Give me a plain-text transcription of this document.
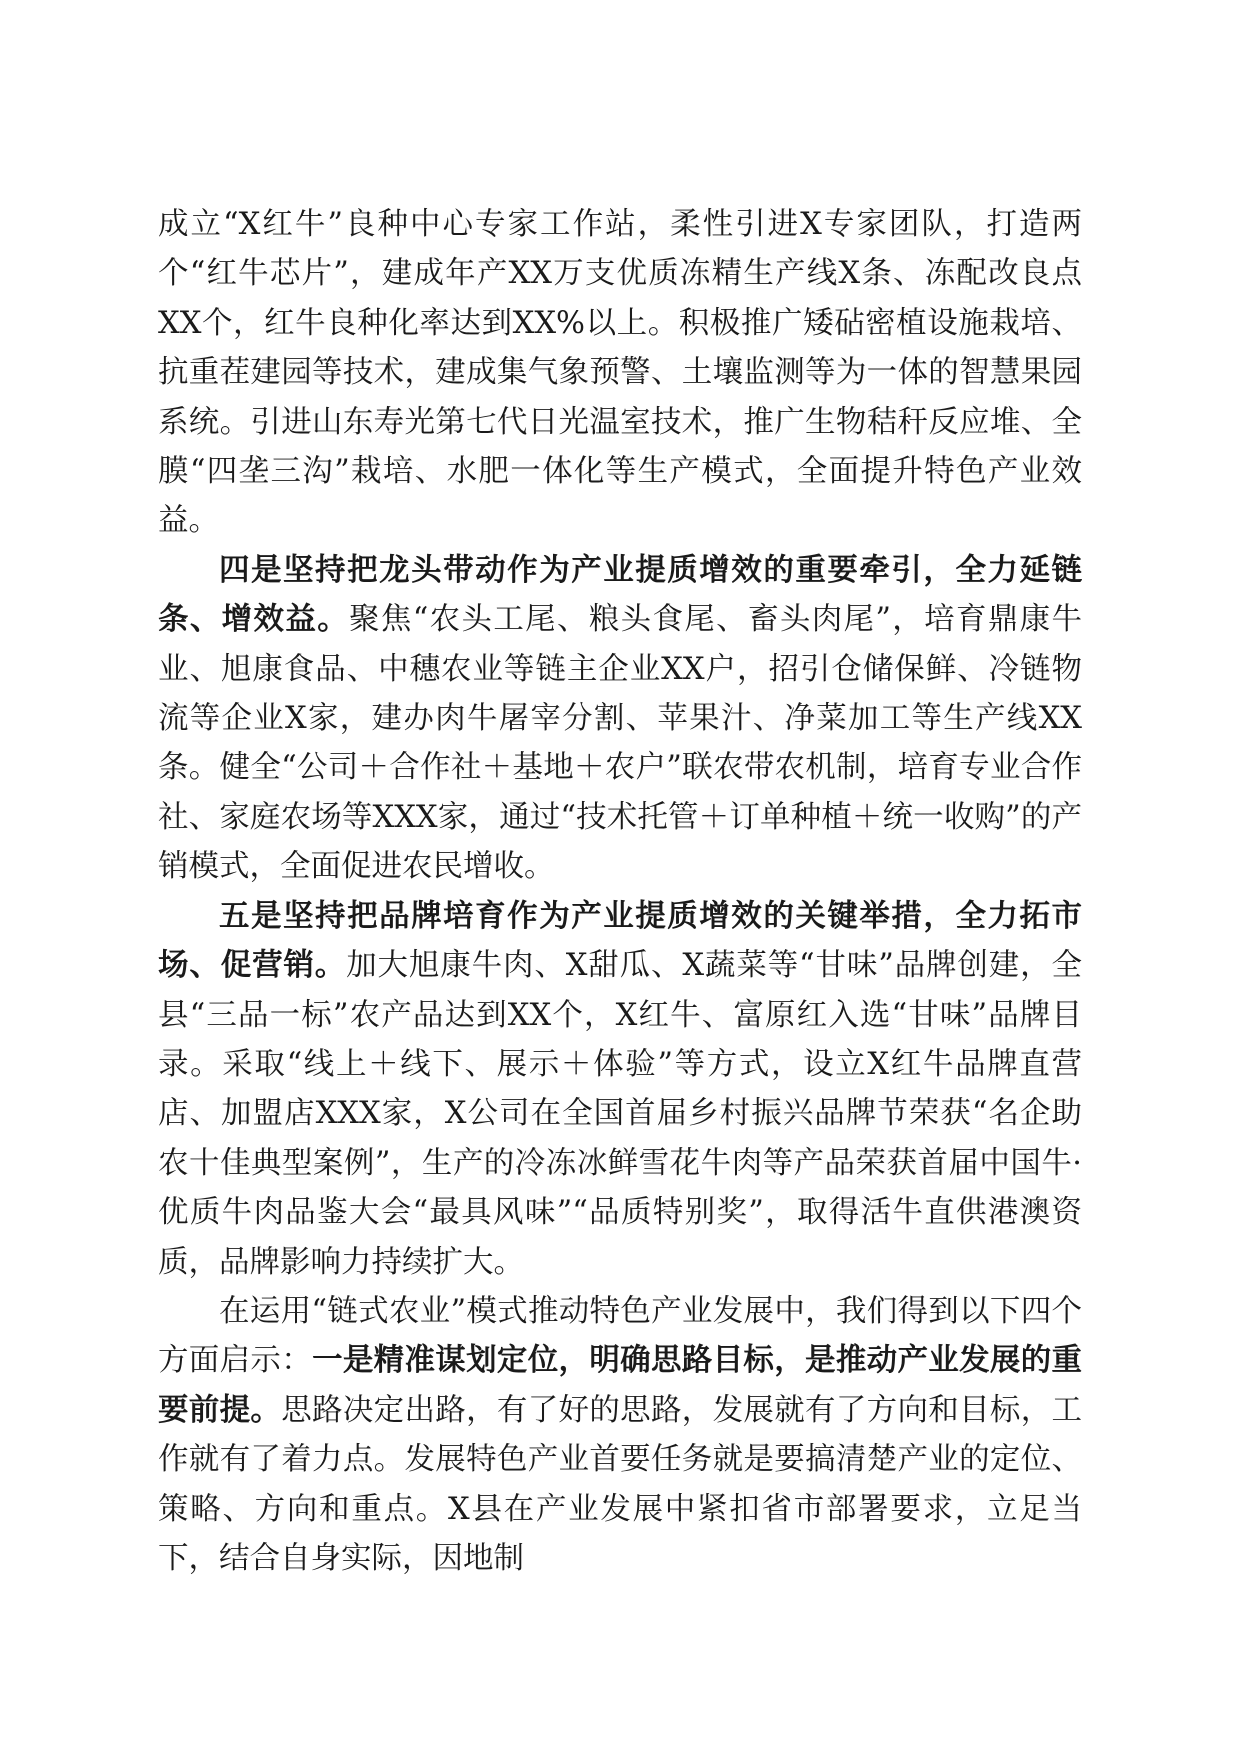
成立“X红牛”良种中心专家工作站，柔性引进X专家团队，打造两个“红牛芯片”，建成年产XX万支优质冻精生产线X条、冻配改良点XX个，红牛良种化率达到XX%以上。积极推广矮砧密植设施栽培、抗重茬建园等技术，建成集气象预警、土壤监测等为一体的智慧果园系统。引进山东寿光第七代日光温室技术，推广生物秸秆反应堆、全膜“四垄三沟”栽培、水肥一体化等生产模式，全面提升特色产业效益。

四是坚持把龙头带动作为产业提质增效的重要牵引，全力延链条、增效益。聚焦“农头工尾、粮头食尾、畜头肉尾”，培育鼎康牛业、旭康食品、中穗农业等链主企业XX户，招引仓储保鲜、冷链物流等企业X家，建办肉牛屠宰分割、苹果汁、净菜加工等生产线XX条。健全“公司＋合作社＋基地＋农户”联农带农机制，培育专业合作社、家庭农场等XXX家，通过“技术托管＋订单种植＋统一收购”的产销模式，全面促进农民增收。

五是坚持把品牌培育作为产业提质增效的关键举措，全力拓市场、促营销。加大旭康牛肉、X甜瓜、X蔬菜等“甘味”品牌创建，全县“三品一标”农产品达到XX个，X红牛、富原红入选“甘味”品牌目录。采取“线上＋线下、展示＋体验”等方式，设立X红牛品牌直营店、加盟店XXX家，X公司在全国首届乡村振兴品牌节荣获“名企助农十佳典型案例”，生产的冷冻冰鲜雪花牛肉等产品荣获首届中国牛·优质牛肉品鉴大会“最具风味”“品质特别奖”，取得活牛直供港澳资质，品牌影响力持续扩大。

在运用“链式农业”模式推动特色产业发展中，我们得到以下四个方面启示：一是精准谋划定位，明确思路目标，是推动产业发展的重要前提。思路决定出路，有了好的思路，发展就有了方向和目标，工作就有了着力点。发展特色产业首要任务就是要搞清楚产业的定位、策略、方向和重点。X县在产业发展中紧扣省市部署要求，立足当下，结合自身实际，因地制
